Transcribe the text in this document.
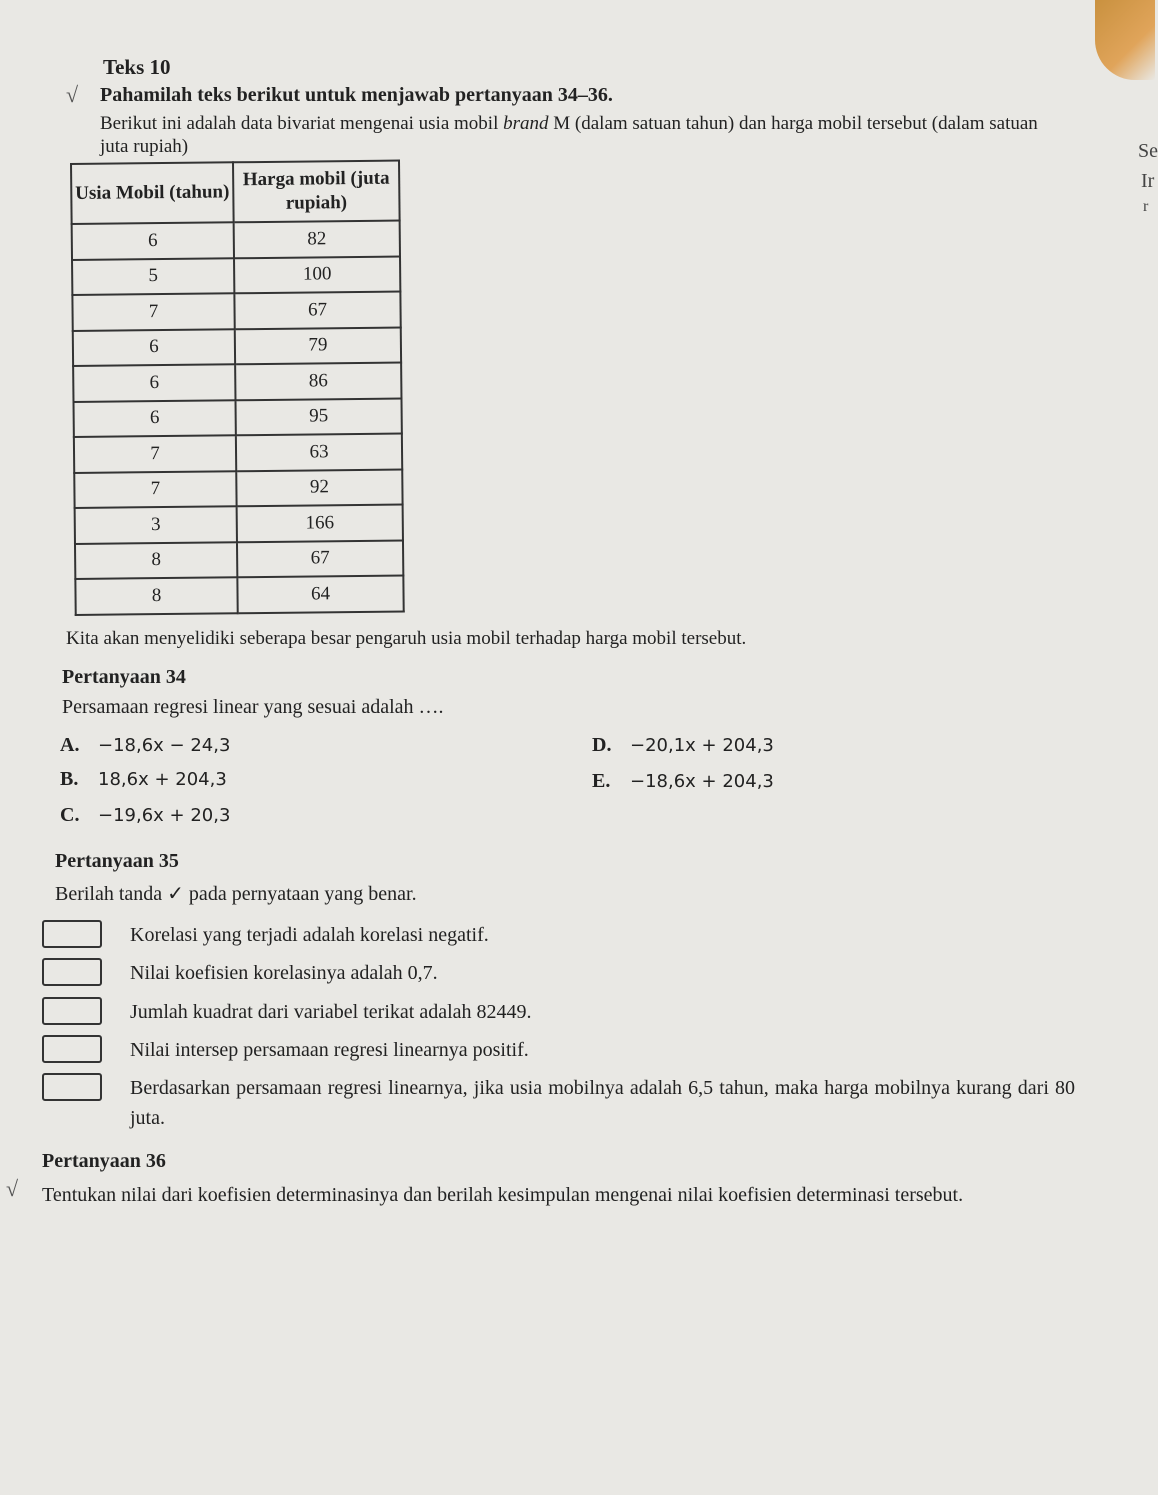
Teks 10
√ Pahamilah teks berikut untuk menjawab pertanyaan 34–36.
Berikut ini adalah data bivariat mengenai usia mobil brand M (dalam satuan tahun) dan harga mobil tersebut (dalam satuan juta rupiah)	Se
Ir
r
Usia Mobil (tahun)	Harga mobil (juta rupiah)
6	82
5	100
7	67
6	79
6	86
6	95
7	63
7	92
3	166
8	67
8	64
Kita akan menyelidiki seberapa besar pengaruh usia mobil terhadap harga mobil tersebut.
Pertanyaan 34
Persamaan regresi linear yang sesuai adalah ….
A. −18,6x − 24,3
B. 18,6x + 204,3
C. −19,6x + 20,3
D. −20,1x + 204,3
E. −18,6x + 204,3
Pertanyaan 35
Berilah tanda ✓ pada pernyataan yang benar.
Korelasi yang terjadi adalah korelasi negatif.
Nilai koefisien korelasinya adalah 0,7.
Jumlah kuadrat dari variabel terikat adalah 82449.
Nilai intersep persamaan regresi linearnya positif.
Berdasarkan persamaan regresi linearnya, jika usia mobilnya adalah 6,5 tahun, maka harga mobilnya kurang dari 80 juta.
Pertanyaan 36
√ Tentukan nilai dari koefisien determinasinya dan berilah kesimpulan mengenai nilai koefisien determinasi tersebut.
